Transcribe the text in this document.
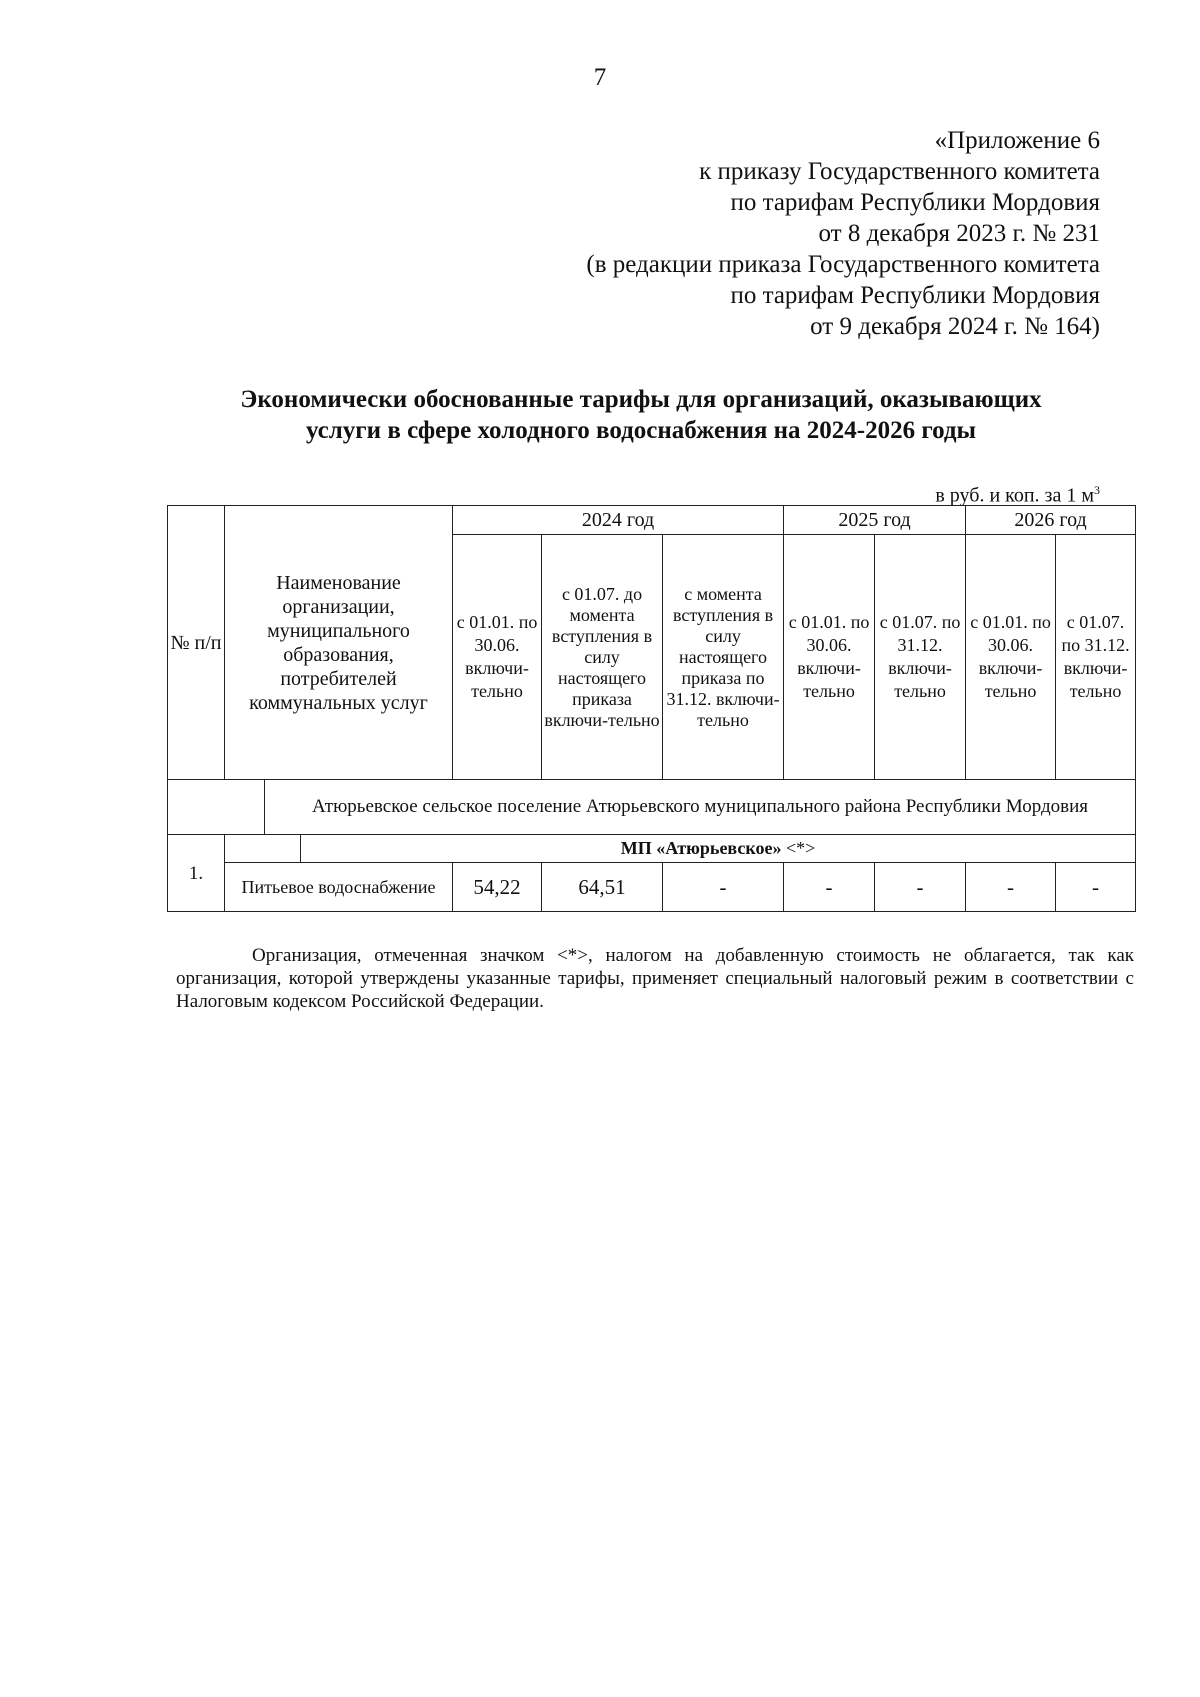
7
«Приложение 6
к приказу Государственного комитета
по тарифам Республики Мордовия
от 8 декабря 2023 г. № 231
(в редакции приказа Государственного комитета
по тарифам Республики Мордовия
от 9 декабря 2024 г. № 164)
Экономически обоснованные тарифы для организаций, оказывающих
услуги в сфере холодного водоснабжения на 2024-2026 годы
в руб. и коп. за 1 $м^3$
№ п/п	Наименование организации, муниципального образования, потребителей коммунальных услуг			2024 год			2025 год		2026 год	
				с 01.01. по 30.06. включи-тельно	с 01.07. до момента вступления в силу настоящего приказа включи-тельно	с момента вступления в силу настоящего приказа по 31.12. включи-тельно	с 01.01. по 30.06. включи-тельно	с 01.07. по 31.12. включи-тельно	с 01.01. по 30.06. включи-тельно	с 01.07. по 31.12. включи-тельно
		Атюрьевское сельское поселение Атюрьевского муниципального района Республики Мордовия								
1.			МП «Атюрьевское» <*>							
	Питьевое водоснабжение			54,22	64,51	-	-	-	-	-

Организация, отмеченная значком <*>, налогом на добавленную стоимость не облагается, так как организация, которой утверждены указанные тарифы, применяет специальный налоговый режим в соответствии с Налоговым кодексом Российской Федерации.
